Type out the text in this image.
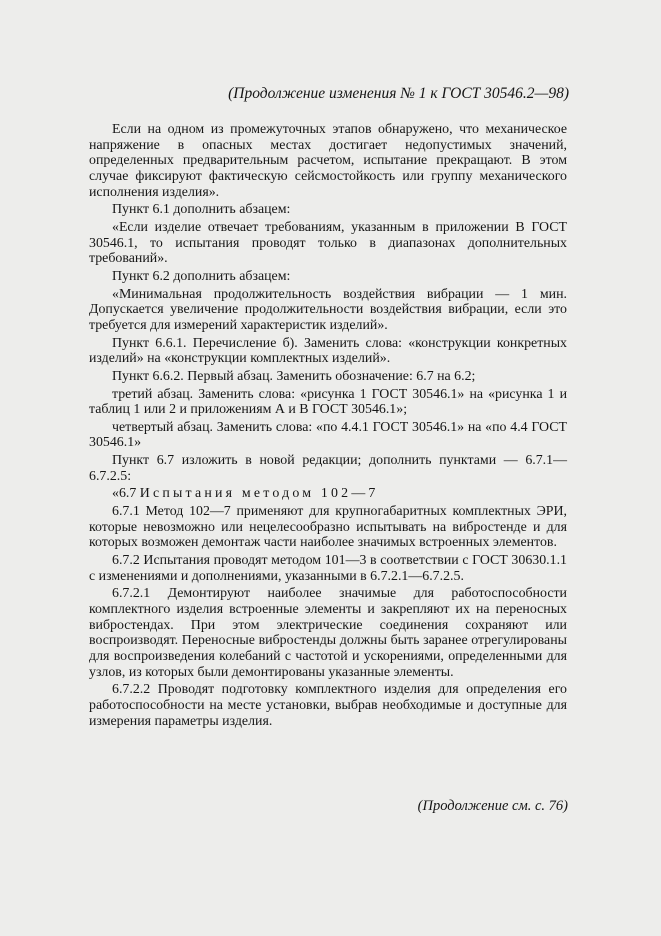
(Продолжение изменения № 1 к ГОСТ 30546.2—98)

Если на одном из промежуточных этапов обнаружено, что механическое напряжение в опасных местах достигает недопустимых значений, определенных предварительным расчетом, испытание прекращают. В этом случае фиксируют фактическую сейсмостойкость или группу механического исполнения изделия».

Пункт 6.1 дополнить абзацем:

«Если изделие отвечает требованиям, указанным в приложении В ГОСТ 30546.1, то испытания проводят только в диапазонах дополнительных требований».

Пункт 6.2 дополнить абзацем:

«Минимальная продолжительность воздействия вибрации — 1 мин. Допускается увеличение продолжительности воздействия вибрации, если это требуется для измерений характеристик изделий».

Пункт 6.6.1. Перечисление б). Заменить слова: «конструкции конкретных изделий» на «конструкции комплектных изделий».

Пункт 6.6.2. Первый абзац. Заменить обозначение: 6.7 на 6.2;

третий абзац. Заменить слова: «рисунка 1 ГОСТ 30546.1» на «рисунка 1 и таблиц 1 или 2 и приложениям А и В ГОСТ 30546.1»;

четвертый абзац. Заменить слова: «по 4.4.1 ГОСТ 30546.1» на «по 4.4 ГОСТ 30546.1»

Пункт 6.7 изложить в новой редакции; дополнить пунктами — 6.7.1—6.7.2.5:

«6.7 Испытания методом 102—7

6.7.1 Метод 102—7 применяют для крупногабаритных комплектных ЭРИ, которые невозможно или нецелесообразно испытывать на вибростенде и для которых возможен демонтаж части наиболее значимых встроенных элементов.

6.7.2 Испытания проводят методом 101—3 в соответствии с ГОСТ 30630.1.1 с изменениями и дополнениями, указанными в 6.7.2.1—6.7.2.5.

6.7.2.1 Демонтируют наиболее значимые для работоспособности комплектного изделия встроенные элементы и закрепляют их на переносных вибростендах. При этом электрические соединения сохраняют или воспроизводят. Переносные вибростенды должны быть заранее отрегулированы для воспроизведения колебаний с частотой и ускорениями, определенными для узлов, из которых были демонтированы указанные элементы.

6.7.2.2 Проводят подготовку комплектного изделия для определения его работоспособности на месте установки, выбрав необходимые и доступные для измерения параметры изделия.

(Продолжение см. с. 76)
